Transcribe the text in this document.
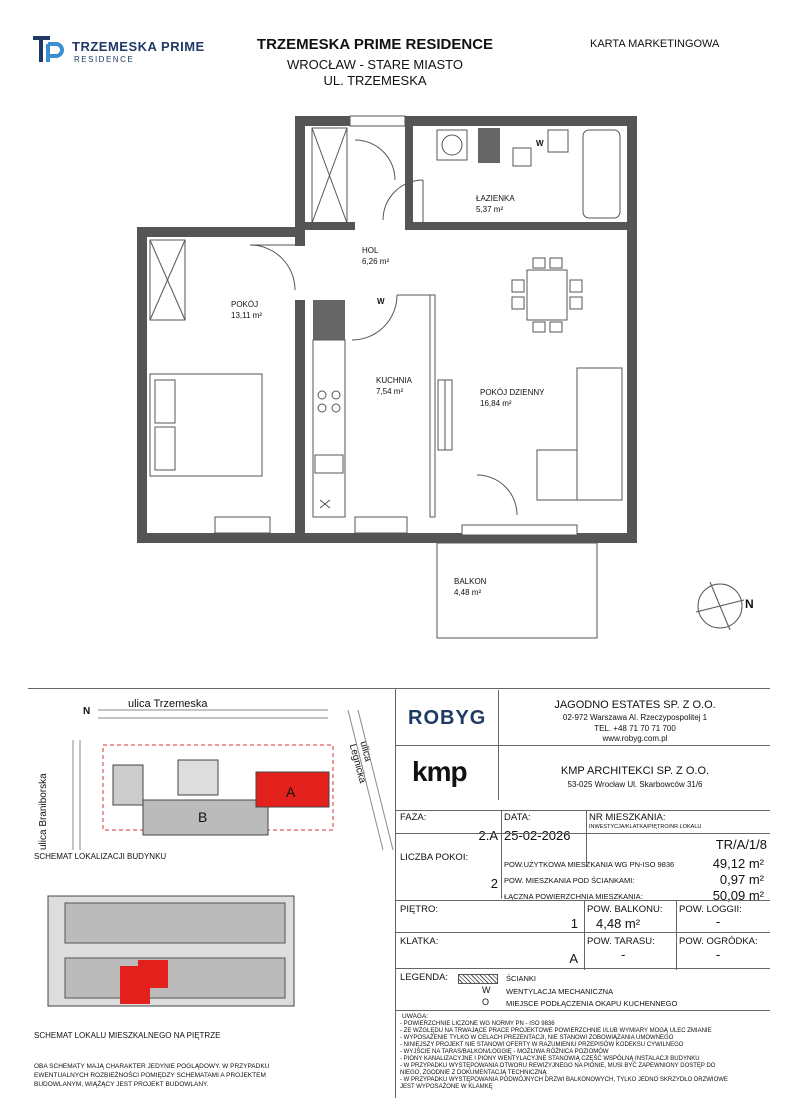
TRZEMESKA PRIME
RESIDENCE
TRZEMESKA PRIME RESIDENCE
WROCŁAW - STARE MIASTO
UL. TRZEMESKA
KARTA MARKETINGOWA
ŁAZIENKA
5,37 m²
HOL
6,26 m²
POKÓJ
13,11 m²
KUCHNIA
7,54 m²	POKÓJ DZIENNY
16,84 m²
BALKON
4,48 m²
W
W
N
N
ulica Trzemeska
ulica Braniborska
ulica Legnicka
A
B
SCHEMAT LOKALIZACJI BUDYNKU
SCHEMAT LOKALU MIESZKALNEGO NA PIĘTRZE
OBA SCHEMATY MAJĄ CHARAKTER JEDYNIE POGLĄDOWY. W PRZYPADKU EWENTUALNYCH ROZBIEŻNOŚCI POMIĘDZY SCHEMATAMI A PROJEKTEM BUDOWLANYM, WIĄŻĄCY JEST PROJEKT BUDOWLANY.
ROBYG
JAGODNO ESTATES SP. Z O.O.
02-972 Warszawa Al. Rzeczypospolitej 1
TEL. +48 71 70 71 700
www.robyg.com.pl
kmp	KMP ARCHITEKCI SP. Z O.O.
53-025 Wrocław Ul. Skarbowców 31/6
FAZA:
2.A
DATA:
25-02-2026
NR MIESZKANIA:
INWESTYCJA/KLATKA/PIĘTRO/NR LOKALU
TR/A/1/8
LICZBA POKOI:
2
POW.UŻYTKOWA MIESZKANIA WG PN-ISO 9836	49,12 m²
POW. MIESZKANIA POD ŚCIANKAMI:	0,97 m²
ŁĄCZNA POWIERZCHNIA MIESZKANIA:	50,09 m²
PIĘTRO:
1
POW. BALKONU:
4,48 m²
POW. LOGGII:
-
KLATKA:
A
POW. TARASU:
-
POW. OGRÓDKA:
-
LEGENDA:	ŚCIANKI
W WENTYLACJA MECHANICZNA
O MIEJSCE PODŁĄCZENIA OKAPU KUCHENNEGO
UWAGA:
- POWIERZCHNIE LICZONE WG NORMY PN - ISO 9836
- ZE WZGLĘDU NA TRWAJĄCE PRACE PROJEKTOWE POWIERZCHNIE I/LUB WYMIARY MOGĄ ULEC ZMIANIE
- WYPOSAŻENIE TYLKO W CELACH PREZENTACJI, NIE STANOWI ZOBOWIĄZANIA UMOWNEGO
- NINIEJSZY PROJEKT NIE STANOWI OFERTY W RAZUMIENIU PRZEPISÓW KODEKSU CYWILNEGO
- WYJŚCIE NA TARAS/BALKON/LOGGIĘ - MOŻLIWA RÓŻNICA POZIOMÓW
- PIONY KANALIZACYJNE I PIONY WENTYLACYJNE STANOWIĄ CZĘŚĆ WSPÓLNĄ INSTALACJI BUDYNKU
- W PRZYPADKU WYSTĘPOWANIA OTWORU REWIZYJNEGO NA PIONIE, MUSI BYĆ ZAPEWNIONY DOSTĘP DO NIEGO, ZGODNIE Z DOKUMENTACJĄ TECHNICZNĄ
- W PRZYPADKU WYSTĘPOWANIA PODWÓJNYCH DRZWI BALKONOWYCH, TYLKO JEDNO SKRZYDŁO DRZWIOWE JEST WYPOSAŻONE W KLAMKĘ
